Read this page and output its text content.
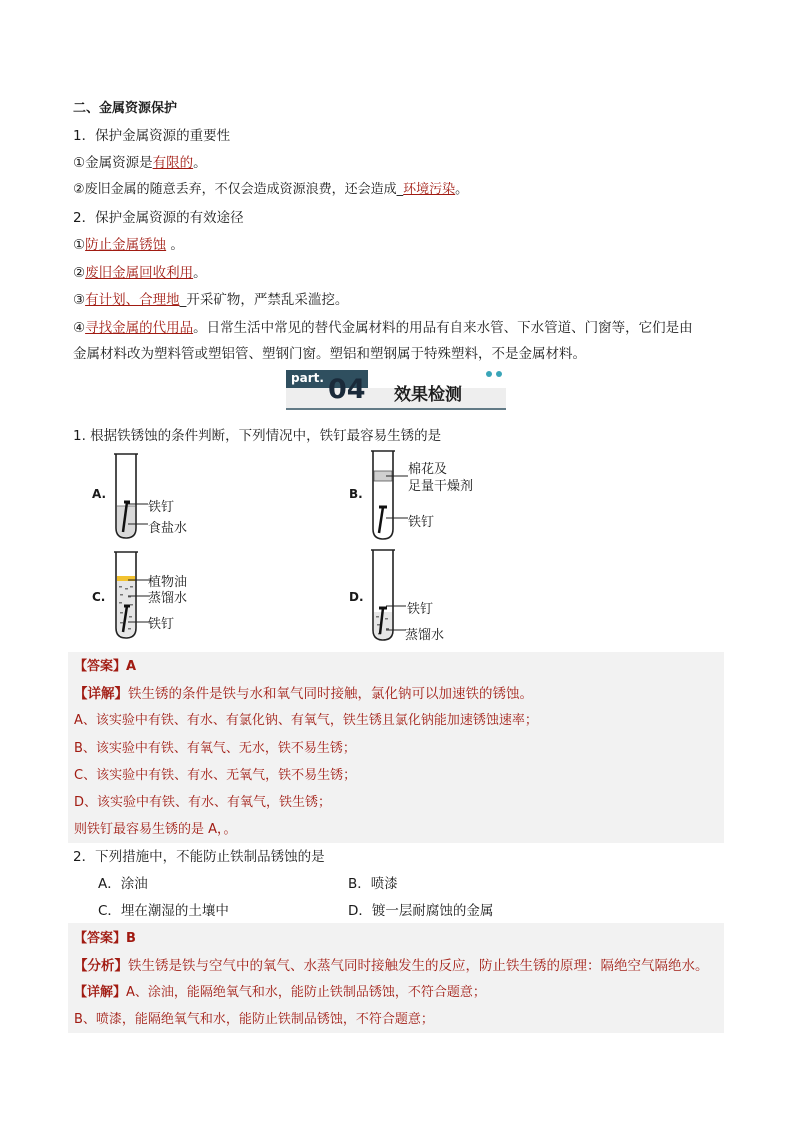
二、金属资源保护
1．保护金属资源的重要性
①金属资源是有限的。
②废旧金属的随意丢弃，不仅会造成资源浪费，还会造成_环境污染。
2．保护金属资源的有效途径
①防止金属锈蚀 。
②废旧金属回收利用。
③有计划、合理地_开采矿物，严禁乱采滥挖。
④寻找金属的代用品。日常生活中常见的替代金属材料的用品有自来水管、下水管道、门窗等，它们是由
金属材料改为塑料管或塑铝管、塑钢门窗。塑铝和塑钢属于特殊塑料，不是金属材料。
part. 04 效果检测
1. 根据铁锈蚀的条件判断，下列情况中，铁钉最容易生锈的是
A.
铁钉
食盐水
B.
棉花及
足量干燥剂
铁钉
C.
植物油
蒸馏水
铁钉
D.
铁钉
蒸馏水
【答案】A
【详解】铁生锈的条件是铁与水和氧气同时接触，氯化钠可以加速铁的锈蚀。
A、该实验中有铁、有水、有氯化钠、有氧气，铁生锈且氯化钠能加速锈蚀速率；
B、该实验中有铁、有氧气、无水，铁不易生锈；
C、该实验中有铁、有水、无氧气，铁不易生锈；
D、该实验中有铁、有水、有氧气，铁生锈；
则铁钉最容易生锈的是 A，。
2．下列措施中，不能防止铁制品锈蚀的是
A．涂油	B．喷漆
C．埋在潮湿的土壤中	D．镀一层耐腐蚀的金属
【答案】B
【分析】铁生锈是铁与空气中的氧气、水蒸气同时接触发生的反应，防止铁生锈的原理：隔绝空气隔绝水。
【详解】A、涂油，能隔绝氧气和水，能防止铁制品锈蚀，不符合题意；
B、喷漆，能隔绝氧气和水，能防止铁制品锈蚀，不符合题意；
